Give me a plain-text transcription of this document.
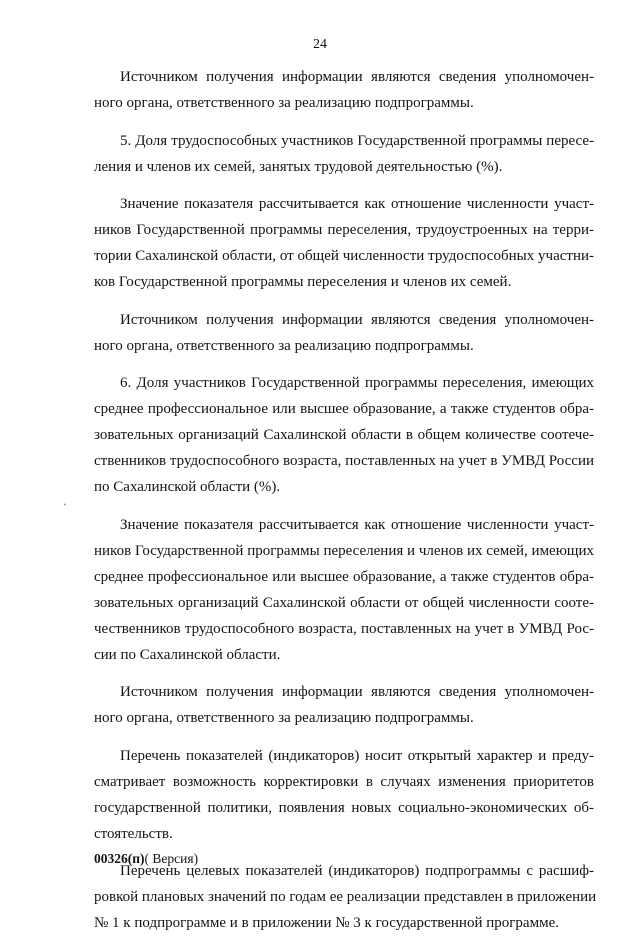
24
Источником получения информации являются сведения уполномочен-
ного органа, ответственного за реализацию подпрограммы.
5. Доля трудоспособных участников Государственной программы пересе-
ления и членов их семей, занятых трудовой деятельностью (%).
Значение показателя рассчитывается как отношение численности участ-
ников Государственной программы переселения, трудоустроенных на терри-
тории Сахалинской области, от общей численности трудоспособных участни-
ков Государственной программы переселения и членов их семей.
Источником получения информации являются сведения уполномочен-
ного органа, ответственного за реализацию подпрограммы.
6. Доля участников Государственной программы переселения, имеющих
среднее профессиональное или высшее образование, а также студентов обра-
зовательных организаций Сахалинской области в общем количестве соотече-
ственников трудоспособного возраста, поставленных на учет в УМВД России
по Сахалинской области (%).
Значение показателя рассчитывается как отношение численности участ-
ников Государственной программы переселения и членов их семей, имеющих
среднее профессиональное или высшее образование, а также студентов обра-
зовательных организаций Сахалинской области от общей численности соотe-
чественников трудоспособного возраста, поставленных на учет в УМВД Рос-
сии по Сахалинской области.
Источником получения информации являются сведения уполномочен-
ного органа, ответственного за реализацию подпрограммы.
Перечень показателей (индикаторов) носит открытый характер и преду-
сматривает возможность корректировки в случаях изменения приоритетов
государственной политики, появления новых социально-экономических об-
стоятельств.
Перечень целевых показателей (индикаторов) подпрограммы с расшиф-
ровкой плановых значений по годам ее реализации представлен в приложении
№ 1 к подпрограмме и в приложении № 3 к государственной программе.
ˋ
00326(п)( Версия)
